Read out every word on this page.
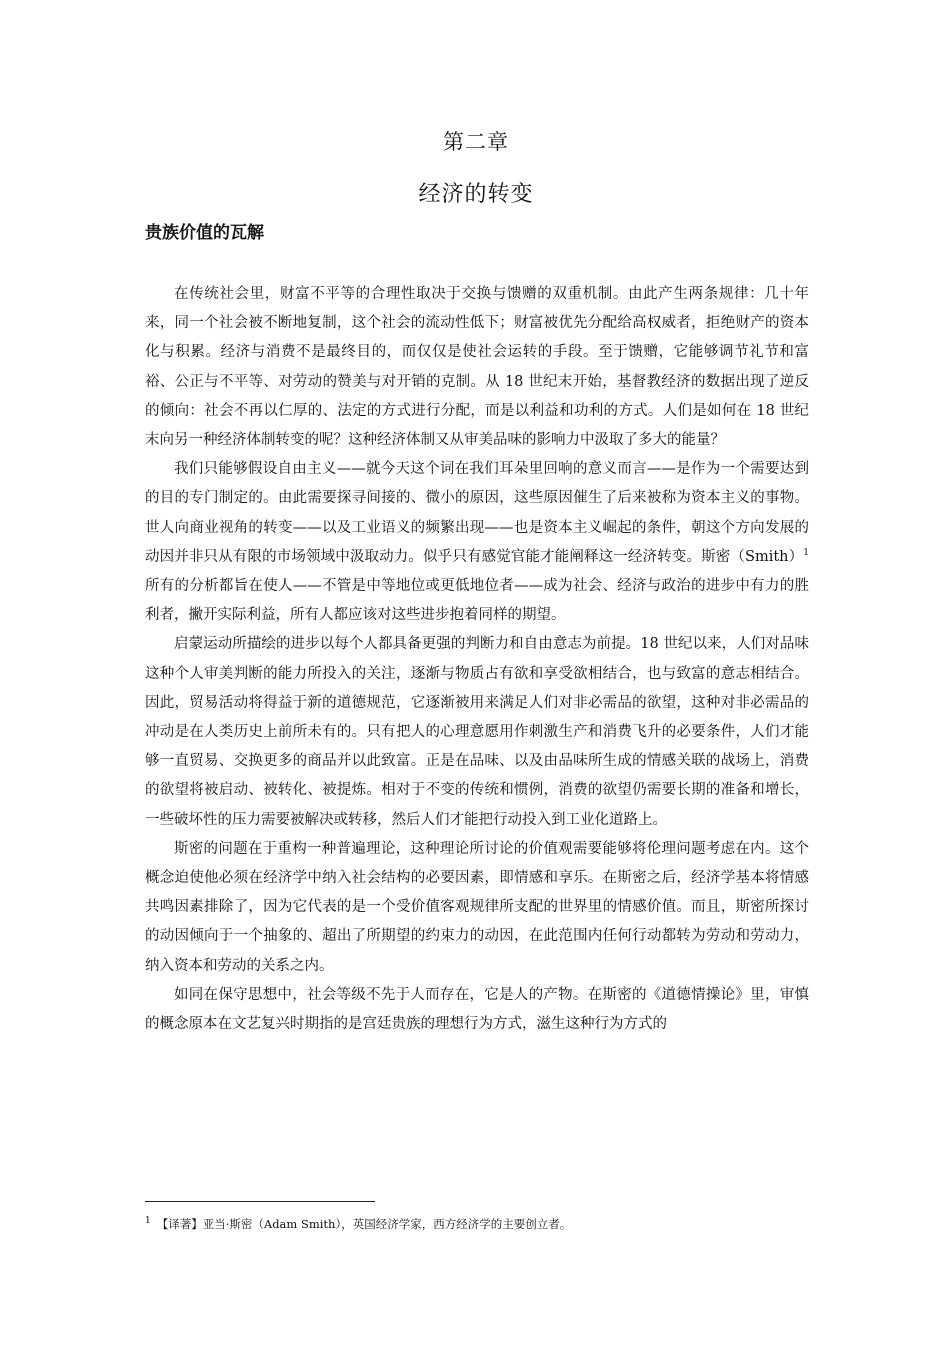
第二章
经济的转变
贵族价值的瓦解

在传统社会里，财富不平等的合理性取决于交换与馈赠的双重机制。由此产生两条规律：几十年来，同一个社会被不断地复制，这个社会的流动性低下；财富被优先分配给高权威者，拒绝财产的资本化与积累。经济与消费不是最终目的，而仅仅是使社会运转的手段。至于馈赠，它能够调节礼节和富裕、公正与不平等、对劳动的赞美与对开销的克制。从 18 世纪末开始，基督教经济的数据出现了逆反的倾向：社会不再以仁厚的、法定的方式进行分配，而是以利益和功利的方式。人们是如何在 18 世纪末向另一种经济体制转变的呢？这种经济体制又从审美品味的影响力中汲取了多大的能量？

我们只能够假设自由主义——就今天这个词在我们耳朵里回响的意义而言——是作为一个需要达到的目的专门制定的。由此需要探寻间接的、微小的原因，这些原因催生了后来被称为资本主义的事物。世人向商业视角的转变——以及工业语义的频繁出现——也是资本主义崛起的条件，朝这个方向发展的动因并非只从有限的市场领域中汲取动力。似乎只有感觉官能才能阐释这一经济转变。斯密（Smith）$^1$所有的分析都旨在使人——不管是中等地位或更低地位者——成为社会、经济与政治的进步中有力的胜利者，撇开实际利益，所有人都应该对这些进步抱着同样的期望。

启蒙运动所描绘的进步以每个人都具备更强的判断力和自由意志为前提。18 世纪以来，人们对品味这种个人审美判断的能力所投入的关注，逐渐与物质占有欲和享受欲相结合，也与致富的意志相结合。因此，贸易活动将得益于新的道德规范，它逐渐被用来满足人们对非必需品的欲望，这种对非必需品的冲动是在人类历史上前所未有的。只有把人的心理意愿用作刺激生产和消费飞升的必要条件，人们才能够一直贸易、交换更多的商品并以此致富。正是在品味、以及由品味所生成的情感关联的战场上，消费的欲望将被启动、被转化、被提炼。相对于不变的传统和惯例，消费的欲望仍需要长期的准备和增长，一些破坏性的压力需要被解决或转移，然后人们才能把行动投入到工业化道路上。

斯密的问题在于重构一种普遍理论，这种理论所讨论的价值观需要能够将伦理问题考虑在内。这个概念迫使他必须在经济学中纳入社会结构的必要因素，即情感和享乐。在斯密之后，经济学基本将情感共鸣因素排除了，因为它代表的是一个受价值客观规律所支配的世界里的情感价值。而且，斯密所探讨的动因倾向于一个抽象的、超出了所期望的约束力的动因，在此范围内任何行动都转为劳动和劳动力，纳入资本和劳动的关系之内。

如同在保守思想中，社会等级不先于人而存在，它是人的产物。在斯密的《道德情操论》里，审慎的概念原本在文艺复兴时期指的是宫廷贵族的理想行为方式，滋生这种行为方式的

$^1$ 【译著】亚当·斯密（Adam Smith），英国经济学家，西方经济学的主要创立者。
